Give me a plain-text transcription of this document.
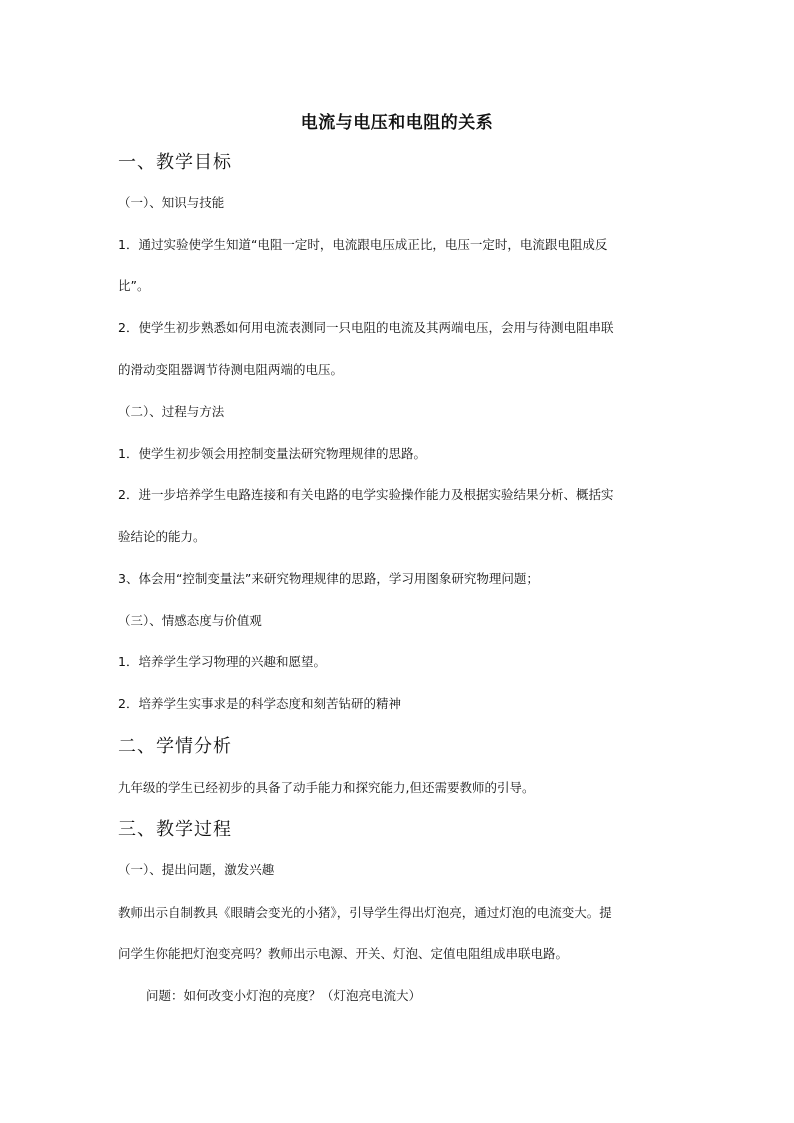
电流与电压和电阻的关系
一、教学目标
（一）、知识与技能
1．通过实验使学生知道“电阻一定时，电流跟电压成正比，电压一定时，电流跟电阻成反
比”。
2．使学生初步熟悉如何用电流表测同一只电阻的电流及其两端电压，会用与待测电阻串联
的滑动变阻器调节待测电阻两端的电压。
（二）、过程与方法
1．使学生初步领会用控制变量法研究物理规律的思路。
2．进一步培养学生电路连接和有关电路的电学实验操作能力及根据实验结果分析、概括实
验结论的能力。
3、体会用“控制变量法”来研究物理规律的思路，学习用图象研究物理问题；
（三）、情感态度与价值观
1．培养学生学习物理的兴趣和愿望。
2．培养学生实事求是的科学态度和刻苦钻研的精神
二、学情分析
九年级的学生已经初步的具备了动手能力和探究能力,但还需要教师的引导。
三、教学过程
（一）、提出问题，激发兴趣
教师出示自制教具《眼睛会变光的小猪》，引导学生得出灯泡亮，通过灯泡的电流变大。提
问学生你能把灯泡变亮吗？教师出示电源、开关、灯泡、定值电阻组成串联电路。
问题：如何改变小灯泡的亮度？（灯泡亮电流大）
